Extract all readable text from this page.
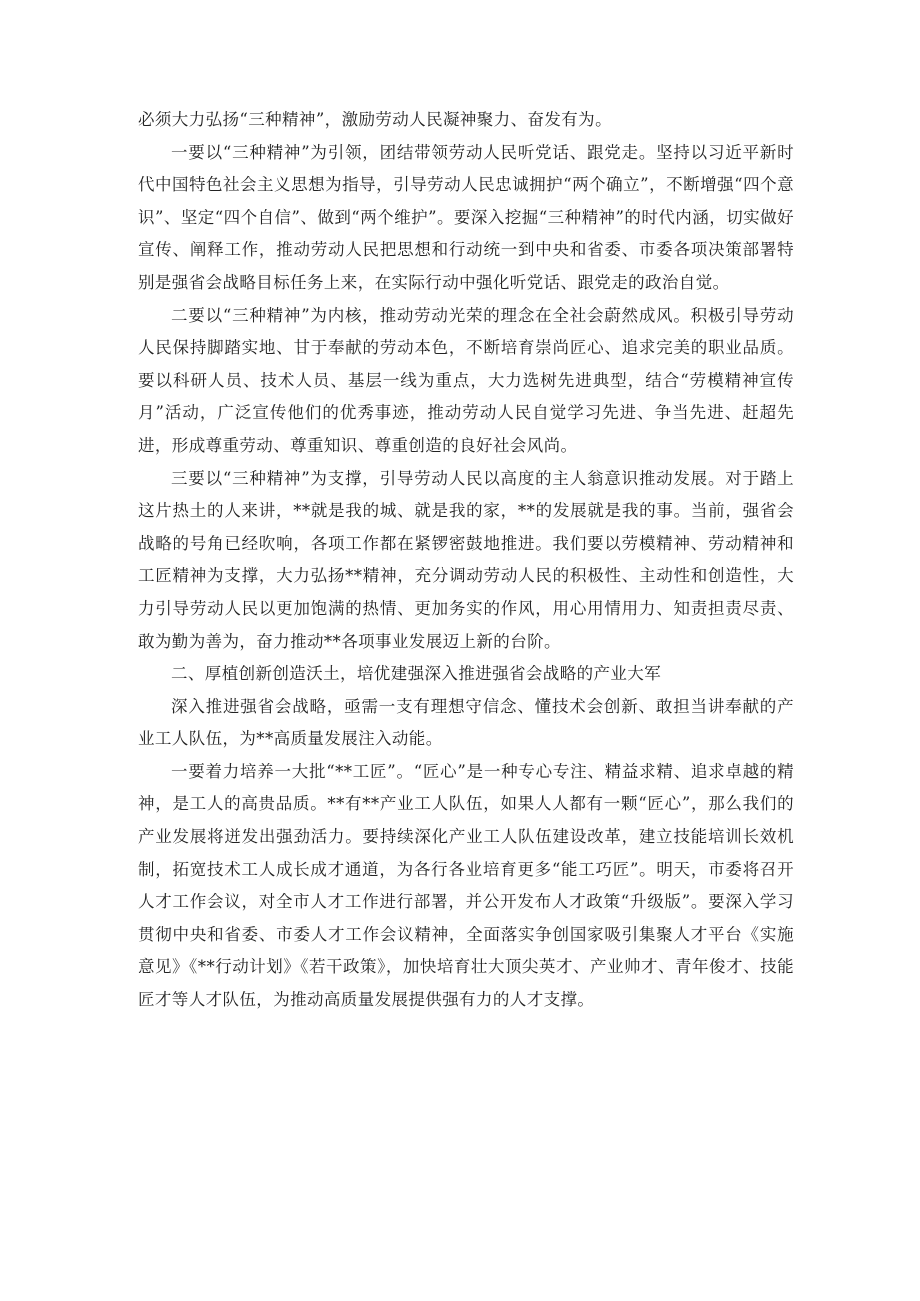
必须大力弘扬“三种精神”，激励劳动人民凝神聚力、奋发有为。

一要以“三种精神”为引领，团结带领劳动人民听党话、跟党走。坚持以习近平新时代中国特色社会主义思想为指导，引导劳动人民忠诚拥护“两个确立”，不断增强“四个意识”、坚定“四个自信”、做到“两个维护”。要深入挖掘“三种精神”的时代内涵，切实做好宣传、阐释工作，推动劳动人民把思想和行动统一到中央和省委、市委各项决策部署特别是强省会战略目标任务上来，在实际行动中强化听党话、跟党走的政治自觉。

二要以“三种精神”为内核，推动劳动光荣的理念在全社会蔚然成风。积极引导劳动人民保持脚踏实地、甘于奉献的劳动本色，不断培育崇尚匠心、追求完美的职业品质。要以科研人员、技术人员、基层一线为重点，大力选树先进典型，结合“劳模精神宣传月”活动，广泛宣传他们的优秀事迹，推动劳动人民自觉学习先进、争当先进、赶超先进，形成尊重劳动、尊重知识、尊重创造的良好社会风尚。

三要以“三种精神”为支撑，引导劳动人民以高度的主人翁意识推动发展。对于踏上这片热土的人来讲，**就是我的城、就是我的家，**的发展就是我的事。当前，强省会战略的号角已经吹响，各项工作都在紧锣密鼓地推进。我们要以劳模精神、劳动精神和工匠精神为支撑，大力弘扬**精神，充分调动劳动人民的积极性、主动性和创造性，大力引导劳动人民以更加饱满的热情、更加务实的作风，用心用情用力、知责担责尽责、敢为勤为善为，奋力推动**各项事业发展迈上新的台阶。

二、厚植创新创造沃土，培优建强深入推进强省会战略的产业大军

深入推进强省会战略，亟需一支有理想守信念、懂技术会创新、敢担当讲奉献的产业工人队伍，为**高质量发展注入动能。

一要着力培养一大批“**工匠”。“匠心”是一种专心专注、精益求精、追求卓越的精神，是工人的高贵品质。**有**产业工人队伍，如果人人都有一颗“匠心”，那么我们的产业发展将迸发出强劲活力。要持续深化产业工人队伍建设改革，建立技能培训长效机制，拓宽技术工人成长成才通道，为各行各业培育更多“能工巧匠”。明天，市委将召开人才工作会议，对全市人才工作进行部署，并公开发布人才政策“升级版”。要深入学习贯彻中央和省委、市委人才工作会议精神，全面落实争创国家吸引集聚人才平台《实施意见》《**行动计划》《若干政策》，加快培育壮大顶尖英才、产业帅才、青年俊才、技能匠才等人才队伍，为推动高质量发展提供强有力的人才支撑。
